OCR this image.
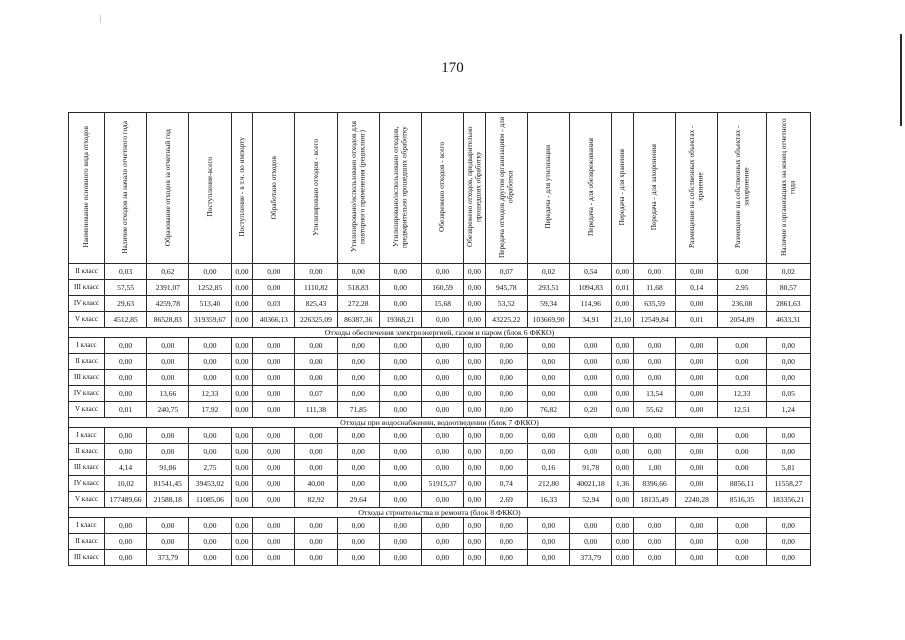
170
Наименование основного вида отходов	Наличие отходов на начало отчетного года	Образование отходов за отчетный год	Поступление-всего	Поступление - в т.ч. по импорту	Обработано отходов	Утилизировано отходов - всего	Утилизировано/использовано отходов для повторного применения (рециклинг)	Утилизировано/использовано отходов, предварительно прошедших обработку	Обезврежено отходов - всего	Обезврежено отходов, предварительно прошедших обработку	Передача отходов другим организациям - для обработки	Передача - для утилизации	Передача - для обезвреживания	Передача - для хранения	Передача - для захоронения	Размещение на собственных объектах - хранение	Размещение на собственных объектах - захоронение	Наличие в организациях на конец отчетного года
II класс	0,03	0,62	0,00	0,00	0,00	0,00	0,00	0,00	0,00	0,00	0,07	0,02	0,54	0,00	0,00	0,00	0,00	0,02
III класс	57,55	2391,07	1252,85	0,00	0,00	1110,82	518,83	0,00	160,59	0,00	945,78	293,51	1094,83	0,01	11,68	0,14	2,95	80,57
IV класс	29,63	4259,78	513,40	0,00	0,03	825,43	272,28	0,00	15,68	0,00	53,52	59,34	114,96	0,00	635,59	0,00	236,08	2861,63
V класс	4512,85	86528,83	319359,67	0,00	40366,13	226325,09	86387,36	19368,21	0,00	0,00	43225,22	103669,90	34,91	21,10	12549,84	0,01	2054,89	4633,31
Отходы обеспечения электроэнергией, газом и паром (блок 6 ФККО)																		
I класс	0,00	0,00	0,00	0,00	0,00	0,00	0,00	0,00	0,00	0,00	0,00	0,00	0,00	0,00	0,00	0,00	0,00	0,00
II класс	0,00	0,00	0,00	0,00	0,00	0,00	0,00	0,00	0,00	0,00	0,00	0,00	0,00	0,00	0,00	0,00	0,00	0,00
III класс	0,00	0,00	0,00	0,00	0,00	0,00	0,00	0,00	0,00	0,00	0,00	0,00	0,00	0,00	0,00	0,00	0,00	0,00
IV класс	0,00	13,66	12,33	0,00	0,00	0,07	0,00	0,00	0,00	0,00	0,00	0,00	0,00	0,00	13,54	0,00	12,33	0,05
V класс	0,01	240,75	17,92	0,00	0,00	111,38	71,85	0,00	0,00	0,00	0,00	76,82	0,20	0,00	55,62	0,00	12,51	1,24
Отходы при водоснабжении, водоотведении (блок 7 ФККО)																		
I класс	0,00	0,00	0,00	0,00	0,00	0,00	0,00	0,00	0,00	0,00	0,00	0,00	0,00	0,00	0,00	0,00	0,00	0,00
II класс	0,00	0,00	0,00	0,00	0,00	0,00	0,00	0,00	0,00	0,00	0,00	0,00	0,00	0,00	0,00	0,00	0,00	0,00
III класс	4,14	91,86	2,75	0,00	0,00	0,00	0,00	0,00	0,00	0,00	0,00	0,16	91,78	0,00	1,00	0,00	0,00	5,81
IV класс	10,02	81541,45	39453,02	0,00	0,00	40,00	0,00	0,00	51915,37	0,00	0,74	212,80	40021,18	1,36	8396,66	0,00	8856,11	11558,27
V класс	177489,66	21588,18	11085,06	0,00	0,00	82,92	29,64	0,00	0,00	0,00	2,69	16,33	52,94	0,00	18135,49	2240,28	8516,35	183356,21
Отходы строительства и ремонта (блок 8 ФККО)																		
I класс	0,00	0,00	0,00	0,00	0,00	0,00	0,00	0,00	0,00	0,00	0,00	0,00	0,00	0,00	0,00	0,00	0,00	0,00
II класс	0,00	0,00	0,00	0,00	0,00	0,00	0,00	0,00	0,00	0,00	0,00	0,00	0,00	0,00	0,00	0,00	0,00	0,00
III класс	0,00	373,79	0,00	0,00	0,00	0,00	0,00	0,00	0,00	0,00	0,00	0,00	373,79	0,00	0,00	0,00	0,00	0,00
